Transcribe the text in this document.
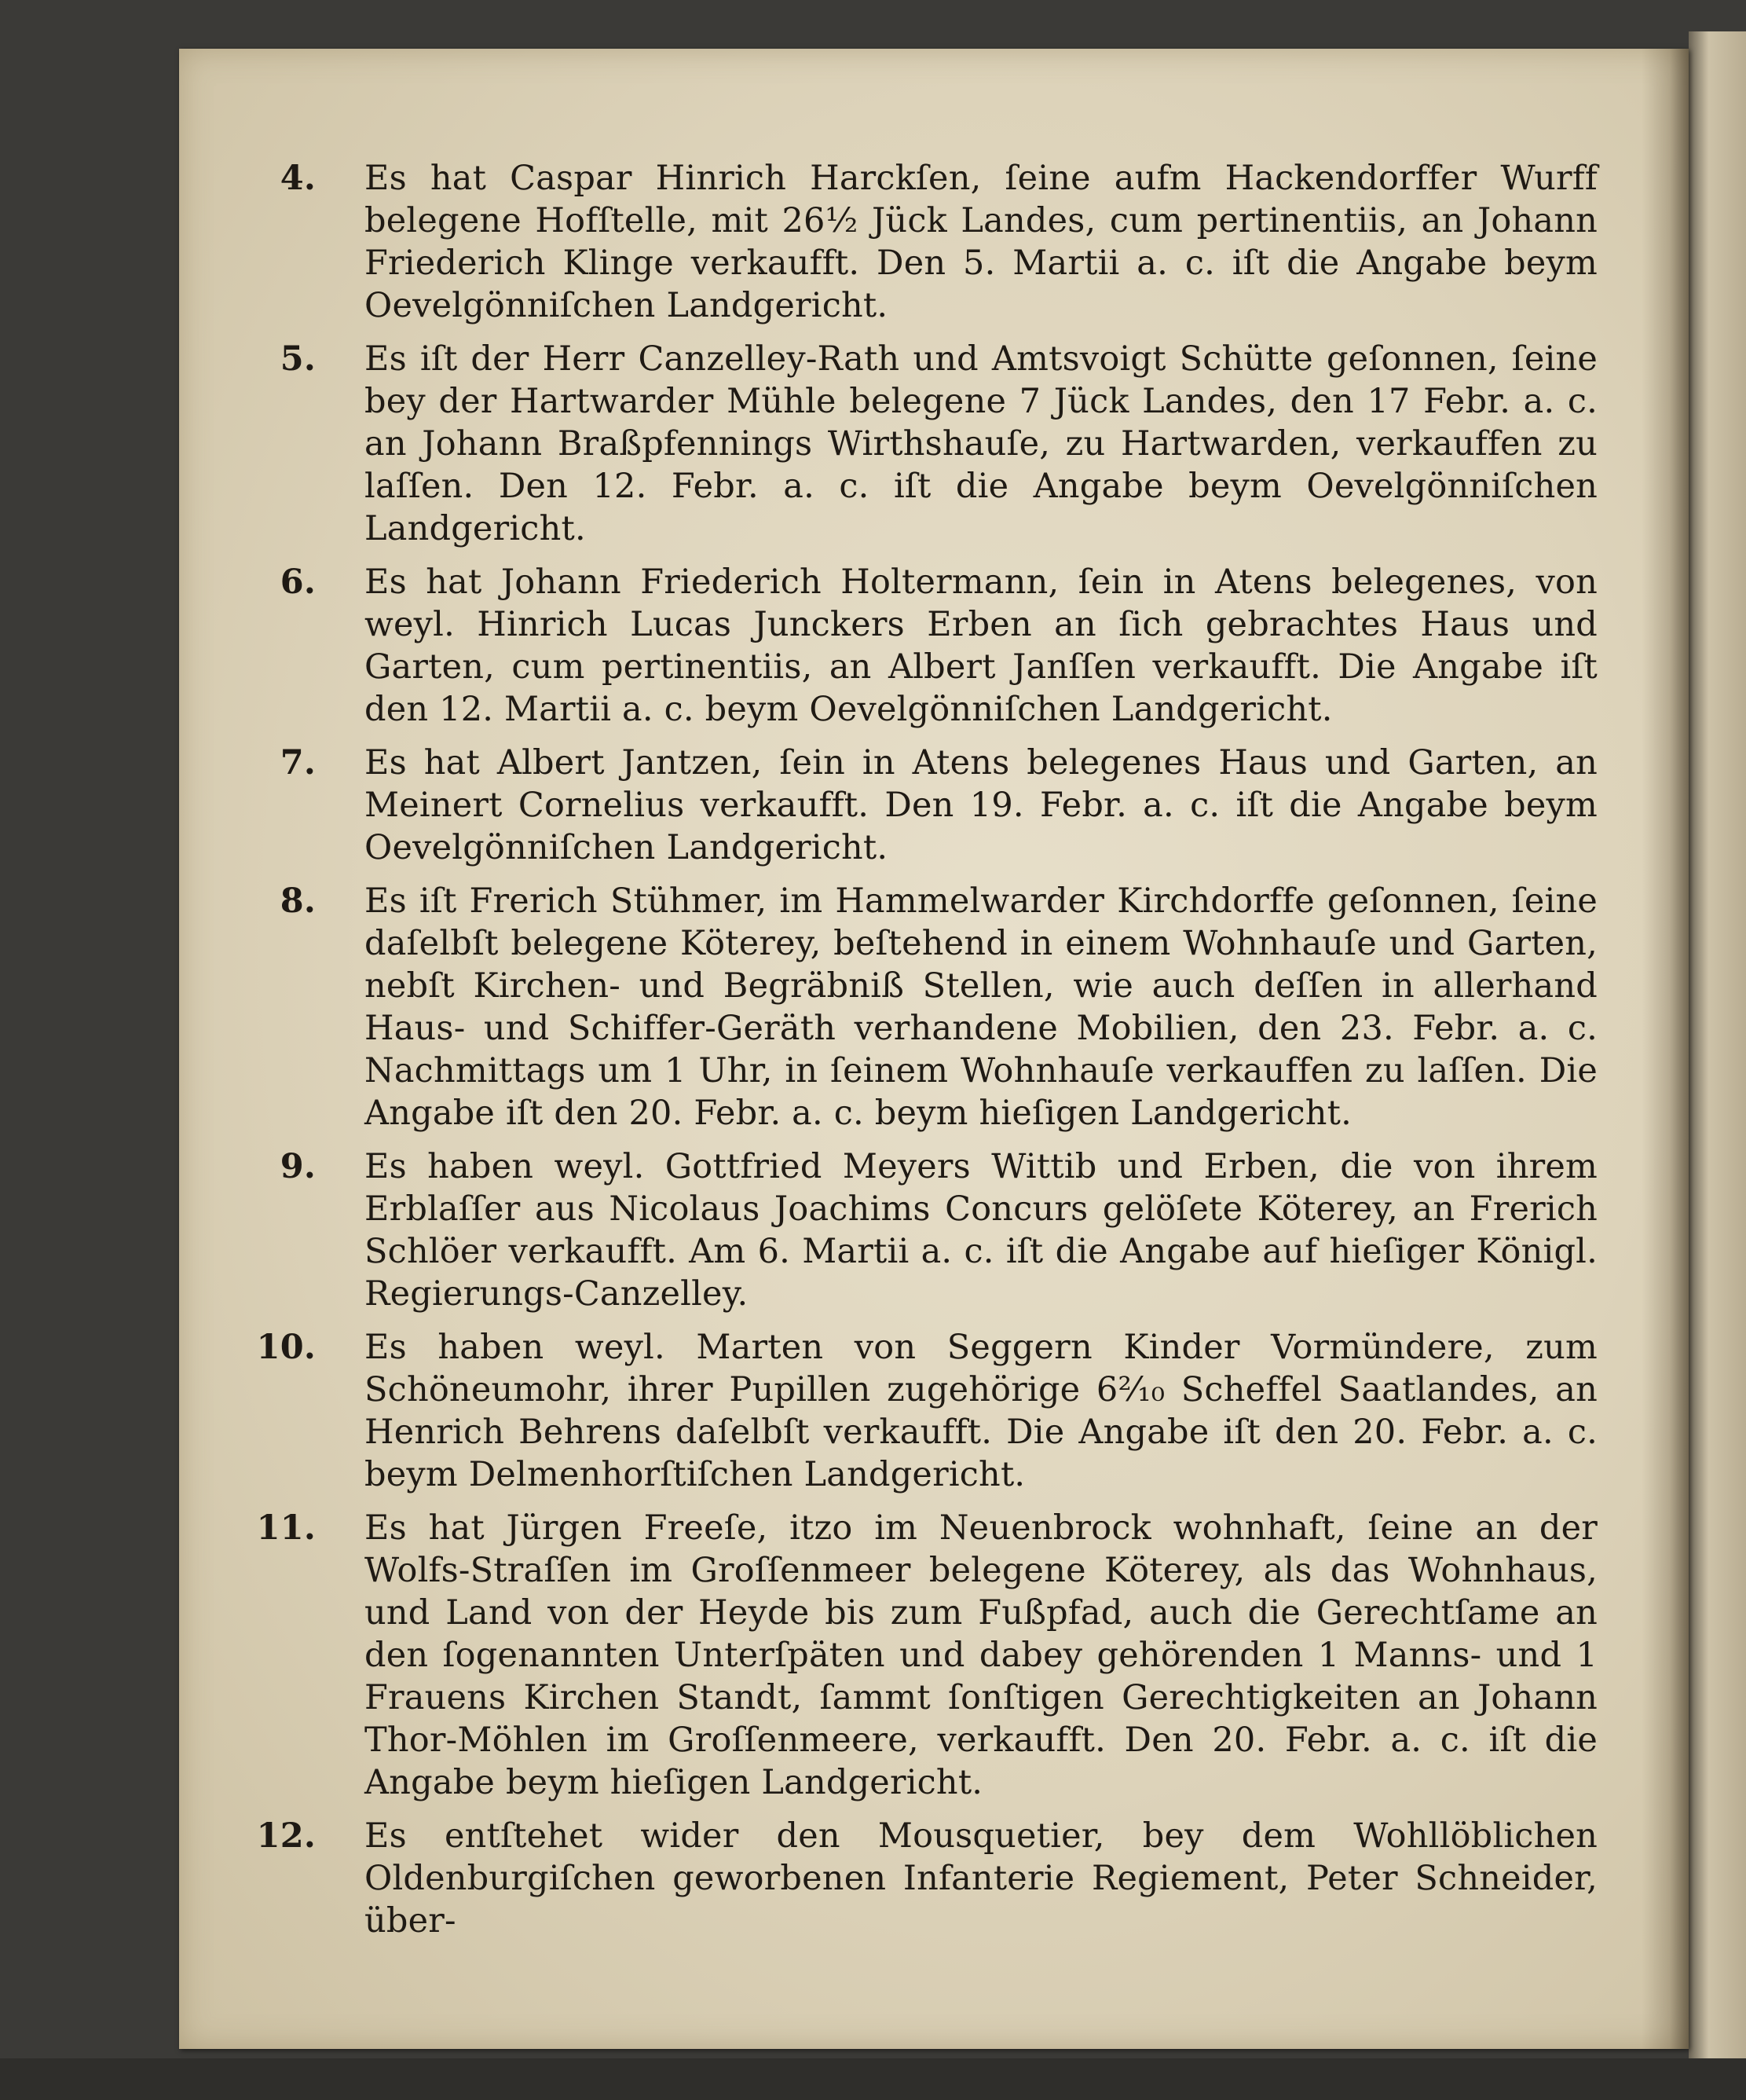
4. Es hat Caspar Hinrich Harckſen, ſeine aufm Hackendorffer Wurff belegene Hofſtelle, mit 26½ Jück Landes, cum pertinentiis, an Johann Friederich Klinge verkaufft. Den 5. Martii a. c. iſt die Angabe beym Oevelgönniſchen Landgericht.
5. Es iſt der Herr Canzelley-Rath und Amtsvoigt Schütte geſonnen, ſeine bey der Hartwarder Mühle belegene 7 Jück Landes, den 17 Febr. a. c. an Johann Braßpfennings Wirthshauſe, zu Hartwarden, verkauffen zu laſſen. Den 12. Febr. a. c. iſt die Angabe beym Oevelgönniſchen Landgericht.
6. Es hat Johann Friederich Holtermann, ſein in Atens belegenes, von weyl. Hinrich Lucas Junckers Erben an ſich gebrachtes Haus und Garten, cum pertinentiis, an Albert Janſſen verkaufft. Die Angabe iſt den 12. Martii a. c. beym Oevelgönniſchen Landgericht.
7. Es hat Albert Jantzen, ſein in Atens belegenes Haus und Garten, an Meinert Cornelius verkaufft. Den 19. Febr. a. c. iſt die Angabe beym Oevelgönniſchen Landgericht.
8. Es iſt Frerich Stühmer, im Hammelwarder Kirchdorffe geſonnen, ſeine daſelbſt belegene Köterey, beſtehend in einem Wohnhauſe und Garten, nebſt Kirchen- und Begräbniß Stellen, wie auch deſſen in allerhand Haus- und Schiffer-Geräth verhandene Mobilien, den 23. Febr. a. c. Nachmittags um 1 Uhr, in ſeinem Wohnhauſe verkauffen zu laſſen. Die Angabe iſt den 20. Febr. a. c. beym hieſigen Landgericht.
9. Es haben weyl. Gottfried Meyers Wittib und Erben, die von ihrem Erblaſſer aus Nicolaus Joachims Concurs gelöſete Köterey, an Frerich Schlöer verkaufft. Am 6. Martii a. c. iſt die Angabe auf hieſiger Königl. Regierungs-Canzelley.
10. Es haben weyl. Marten von Seggern Kinder Vormündere, zum Schöneumohr, ihrer Pupillen zugehörige 6²⁄₁₀ Scheffel Saatlandes, an Henrich Behrens daſelbſt verkaufft. Die Angabe iſt den 20. Febr. a. c. beym Delmenhorſtiſchen Landgericht.
11. Es hat Jürgen Freeſe, itzo im Neuenbrock wohnhaft, ſeine an der Wolfs-Straſſen im Groſſenmeer belegene Köterey, als das Wohnhaus, und Land von der Heyde bis zum Fußpfad, auch die Gerechtſame an den ſogenannten Unterſpäten und dabey gehörenden 1 Manns- und 1 Frauens Kirchen Standt, ſammt ſonſtigen Gerechtigkeiten an Johann Thor-Möhlen im Groſſenmeere, verkaufft. Den 20. Febr. a. c. iſt die Angabe beym hieſigen Landgericht.
12. Es entſtehet wider den Mousquetier, bey dem Wohllöblichen Oldenburgiſchen geworbenen Infanterie Regiement, Peter Schneider, über-
